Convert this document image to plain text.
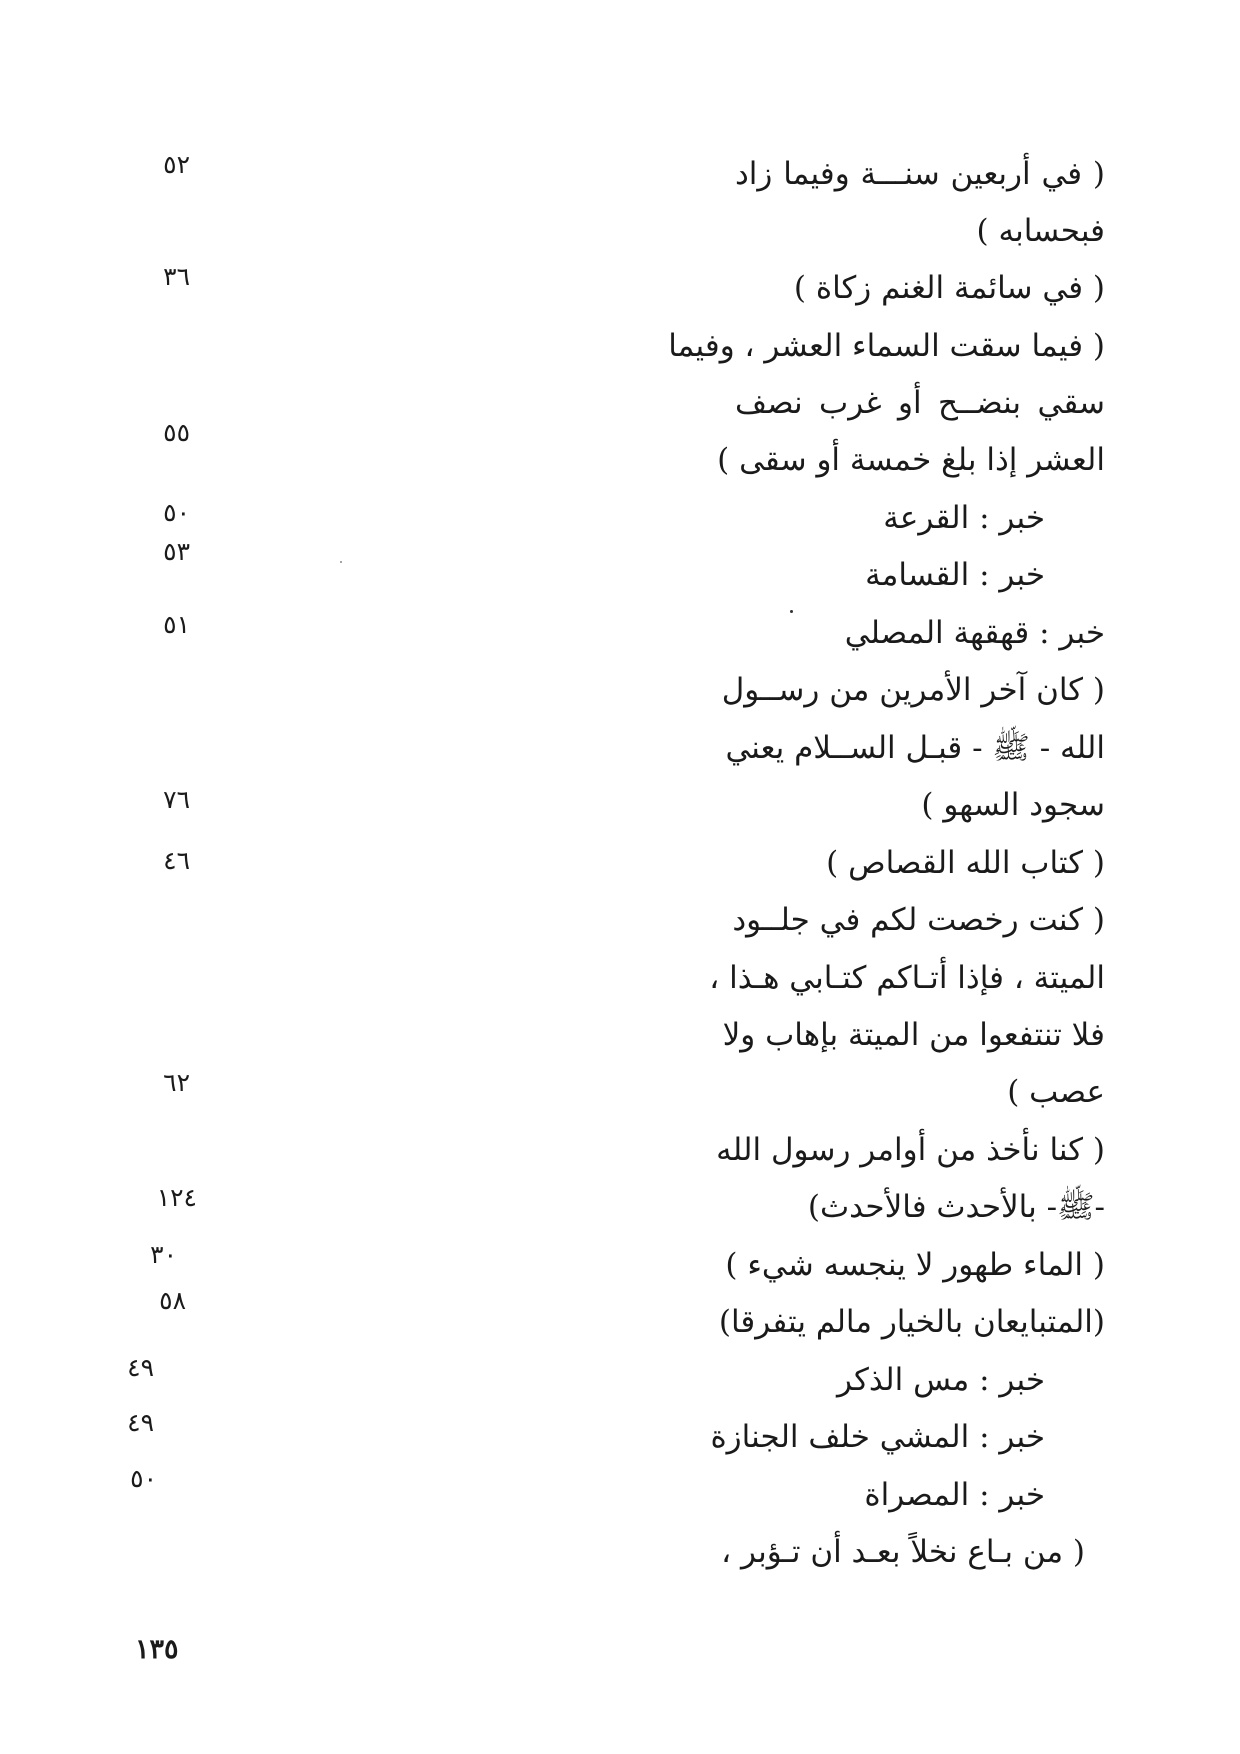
( في أربعين سنـــة وفيما زاد
فبحسابه )
( في سائمة الغنم زكاة )
( فيما سقت السماء العشر ، وفيما
سقي بنضــح أو غرب نصف
العشر إذا بلغ خمسة أو سقى )
خبر : القرعة
خبر : القسامة
خبر : قهقهة المصلي
( كان آخر الأمرين من رســول
الله - ﷺ - قبـل الســلام يعني
سجود السهو )
( كتاب الله القصاص )
( كنت رخصت لكم في جلــود
الميتة ، فإذا أتـاكم كتـابي هـذا ،
فلا تنتفعوا من الميتة بإهاب ولا
عصب )
( كنا نأخذ من أوامر رسول الله
-ﷺ- بالأحدث فالأحدث)
( الماء طهور لا ينجسه شيء )
(المتبايعان بالخيار مالم يتفرقا)
خبر : مس الذكر
خبر : المشي خلف الجنازة
خبر : المصراة
( من بـاع نخلاً بعـد أن تـؤبر ،
٥٢
٣٦
٥٥
٥٠
٥٣
٥١
٧٦
٤٦
٦٢
١٢٤
٣٠
٥٨
٤٩
٤٩
٥٠
١٣٥
